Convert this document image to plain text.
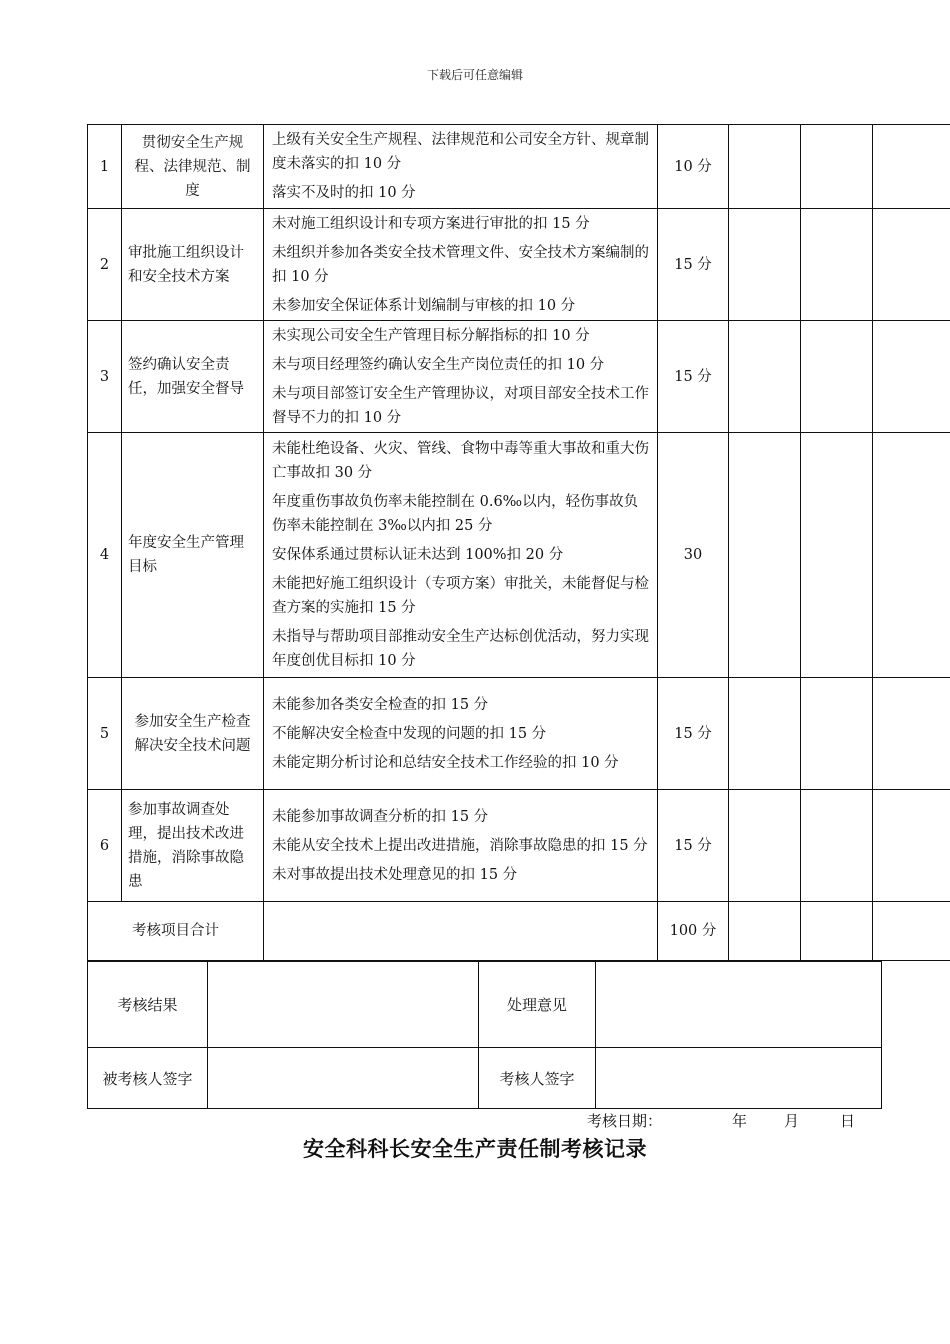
下载后可任意编辑
1	贯彻安全生产规程、法律规范、制度	上级有关安全生产规程、法律规范和公司安全方针、规章制度未落实的扣 10 分

落实不及时的扣 10 分	10 分			
2	审批施工组织设计和安全技术方案	未对施工组织设计和专项方案进行审批的扣 15 分

未组织并参加各类安全技术管理文件、安全技术方案编制的扣 10 分

未参加安全保证体系计划编制与审核的扣 10 分	15 分			
3	签约确认安全责任，加强安全督导	未实现公司安全生产管理目标分解指标的扣 10 分

未与项目经理签约确认安全生产岗位责任的扣 10 分

未与项目部签订安全生产管理协议，对项目部安全技术工作督导不力的扣 10 分	15 分			
4	年度安全生产管理目标	未能杜绝设备、火灾、管线、食物中毒等重大事故和重大伤亡事故扣 30 分

年度重伤事故负伤率未能控制在 0.6‰以内，轻伤事故负伤率未能控制在 3‰以内扣 25 分

安保体系通过贯标认证未达到 100%扣 20 分

未能把好施工组织设计（专项方案）审批关，未能督促与检查方案的实施扣 15 分

未指导与帮助项目部推动安全生产达标创优活动，努力实现年度创优目标扣 10 分	30			
5	参加安全生产检查解决安全技术问题	未能参加各类安全检查的扣 15 分

不能解决安全检查中发现的问题的扣 15 分

未能定期分析讨论和总结安全技术工作经验的扣 10 分	15 分			
6	参加事故调查处理，提出技术改进措施，消除事故隐患	未能参加事故调查分析的扣 15 分

未能从安全技术上提出改进措施，消除事故隐患的扣 15 分

未对事故提出技术处理意见的扣 15 分	15 分			
考核项目合计			100 分			
考核结果		处理意见	
被考核人签字		考核人签字	
考核日期：	年 月	日
安全科科长安全生产责任制考核记录
